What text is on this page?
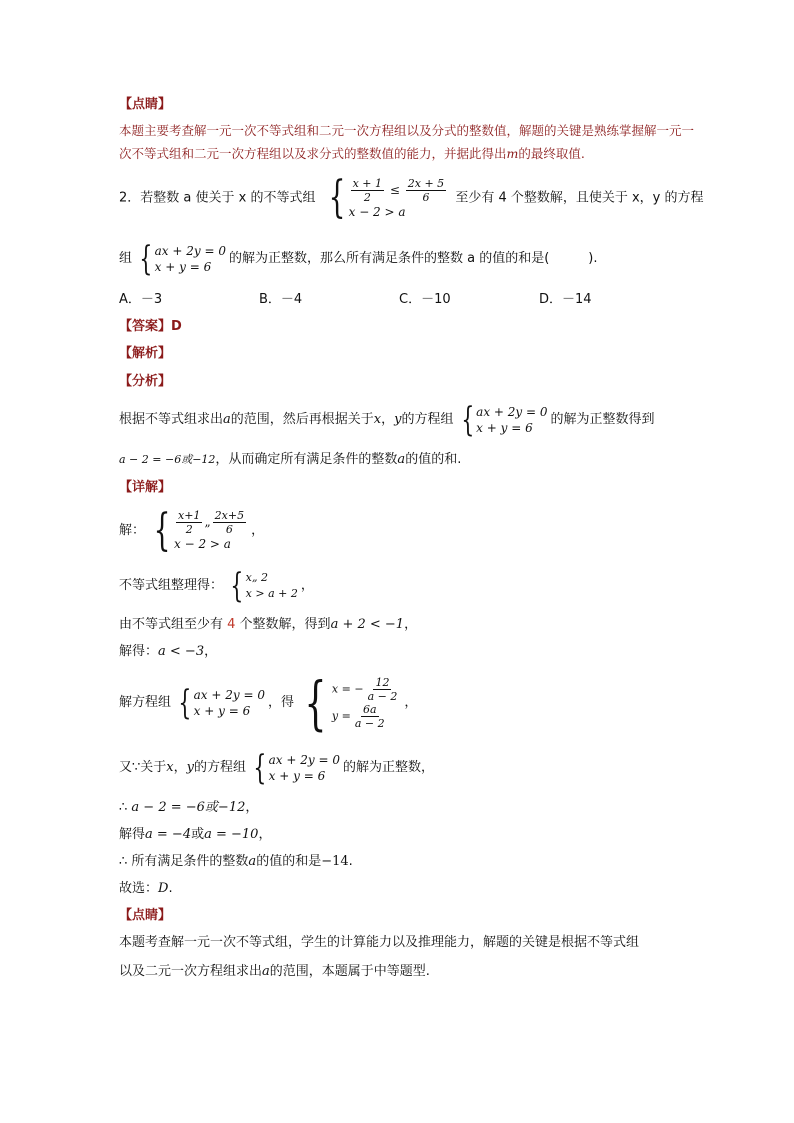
【点睛】
本题主要考查解一元一次不等式组和二元一次方程组以及分式的整数值，解题的关键是熟练掌握解一元一
次不等式组和二元一次方程组以及求分式的整数值的能力，并据此得出m的最终取值.
2．若整数 a 使关于 x 的不等式组 { $\frac{x + 1}{2} \le \frac{2x + 5}{6}$
x − 2 > a
至少有 4 个整数解，且使关于 x，y 的方程
组 { ax + 2y = 0
x + y = 6
的解为正整数，那么所有满足条件的整数 a 的值的和是(　　　).
A．－3	B．－4	C．－10	D．－14
【答案】D
【解析】
【分析】
根据不等式组求出a的范围，然后再根据关于x，y的方程组 { ax + 2y = 0
x + y = 6
的解为正整数得到
a − 2 = −6或−12，从而确定所有满足条件的整数a的值的和.
【详解】
解： { $\frac{x+1}{2}$ „ $\frac{2x+5}{6}$
x − 2 > a
，
不等式组整理得： { x„ 2
x > a + 2 ，
由不等式组至少有 4 个整数解，得到a + 2 < −1，
解得：a < −3，
解方程组 { ax + 2y = 0
x + y = 6
，得 { x = − $\frac{12}{a - 2}$
$y = \frac{6a}{a - 2}$ ，
又∵关于x，y的方程组 { ax + 2y = 0
x + y = 6
的解为正整数，
∴ a − 2 = −6或−12，
解得a = −4或a = −10，
∴ 所有满足条件的整数a的值的和是−14.
故选：D.
【点睛】
本题考查解一元一次不等式组，学生的计算能力以及推理能力，解题的关键是根据不等式组
以及二元一次方程组求出a的范围，本题属于中等题型.
